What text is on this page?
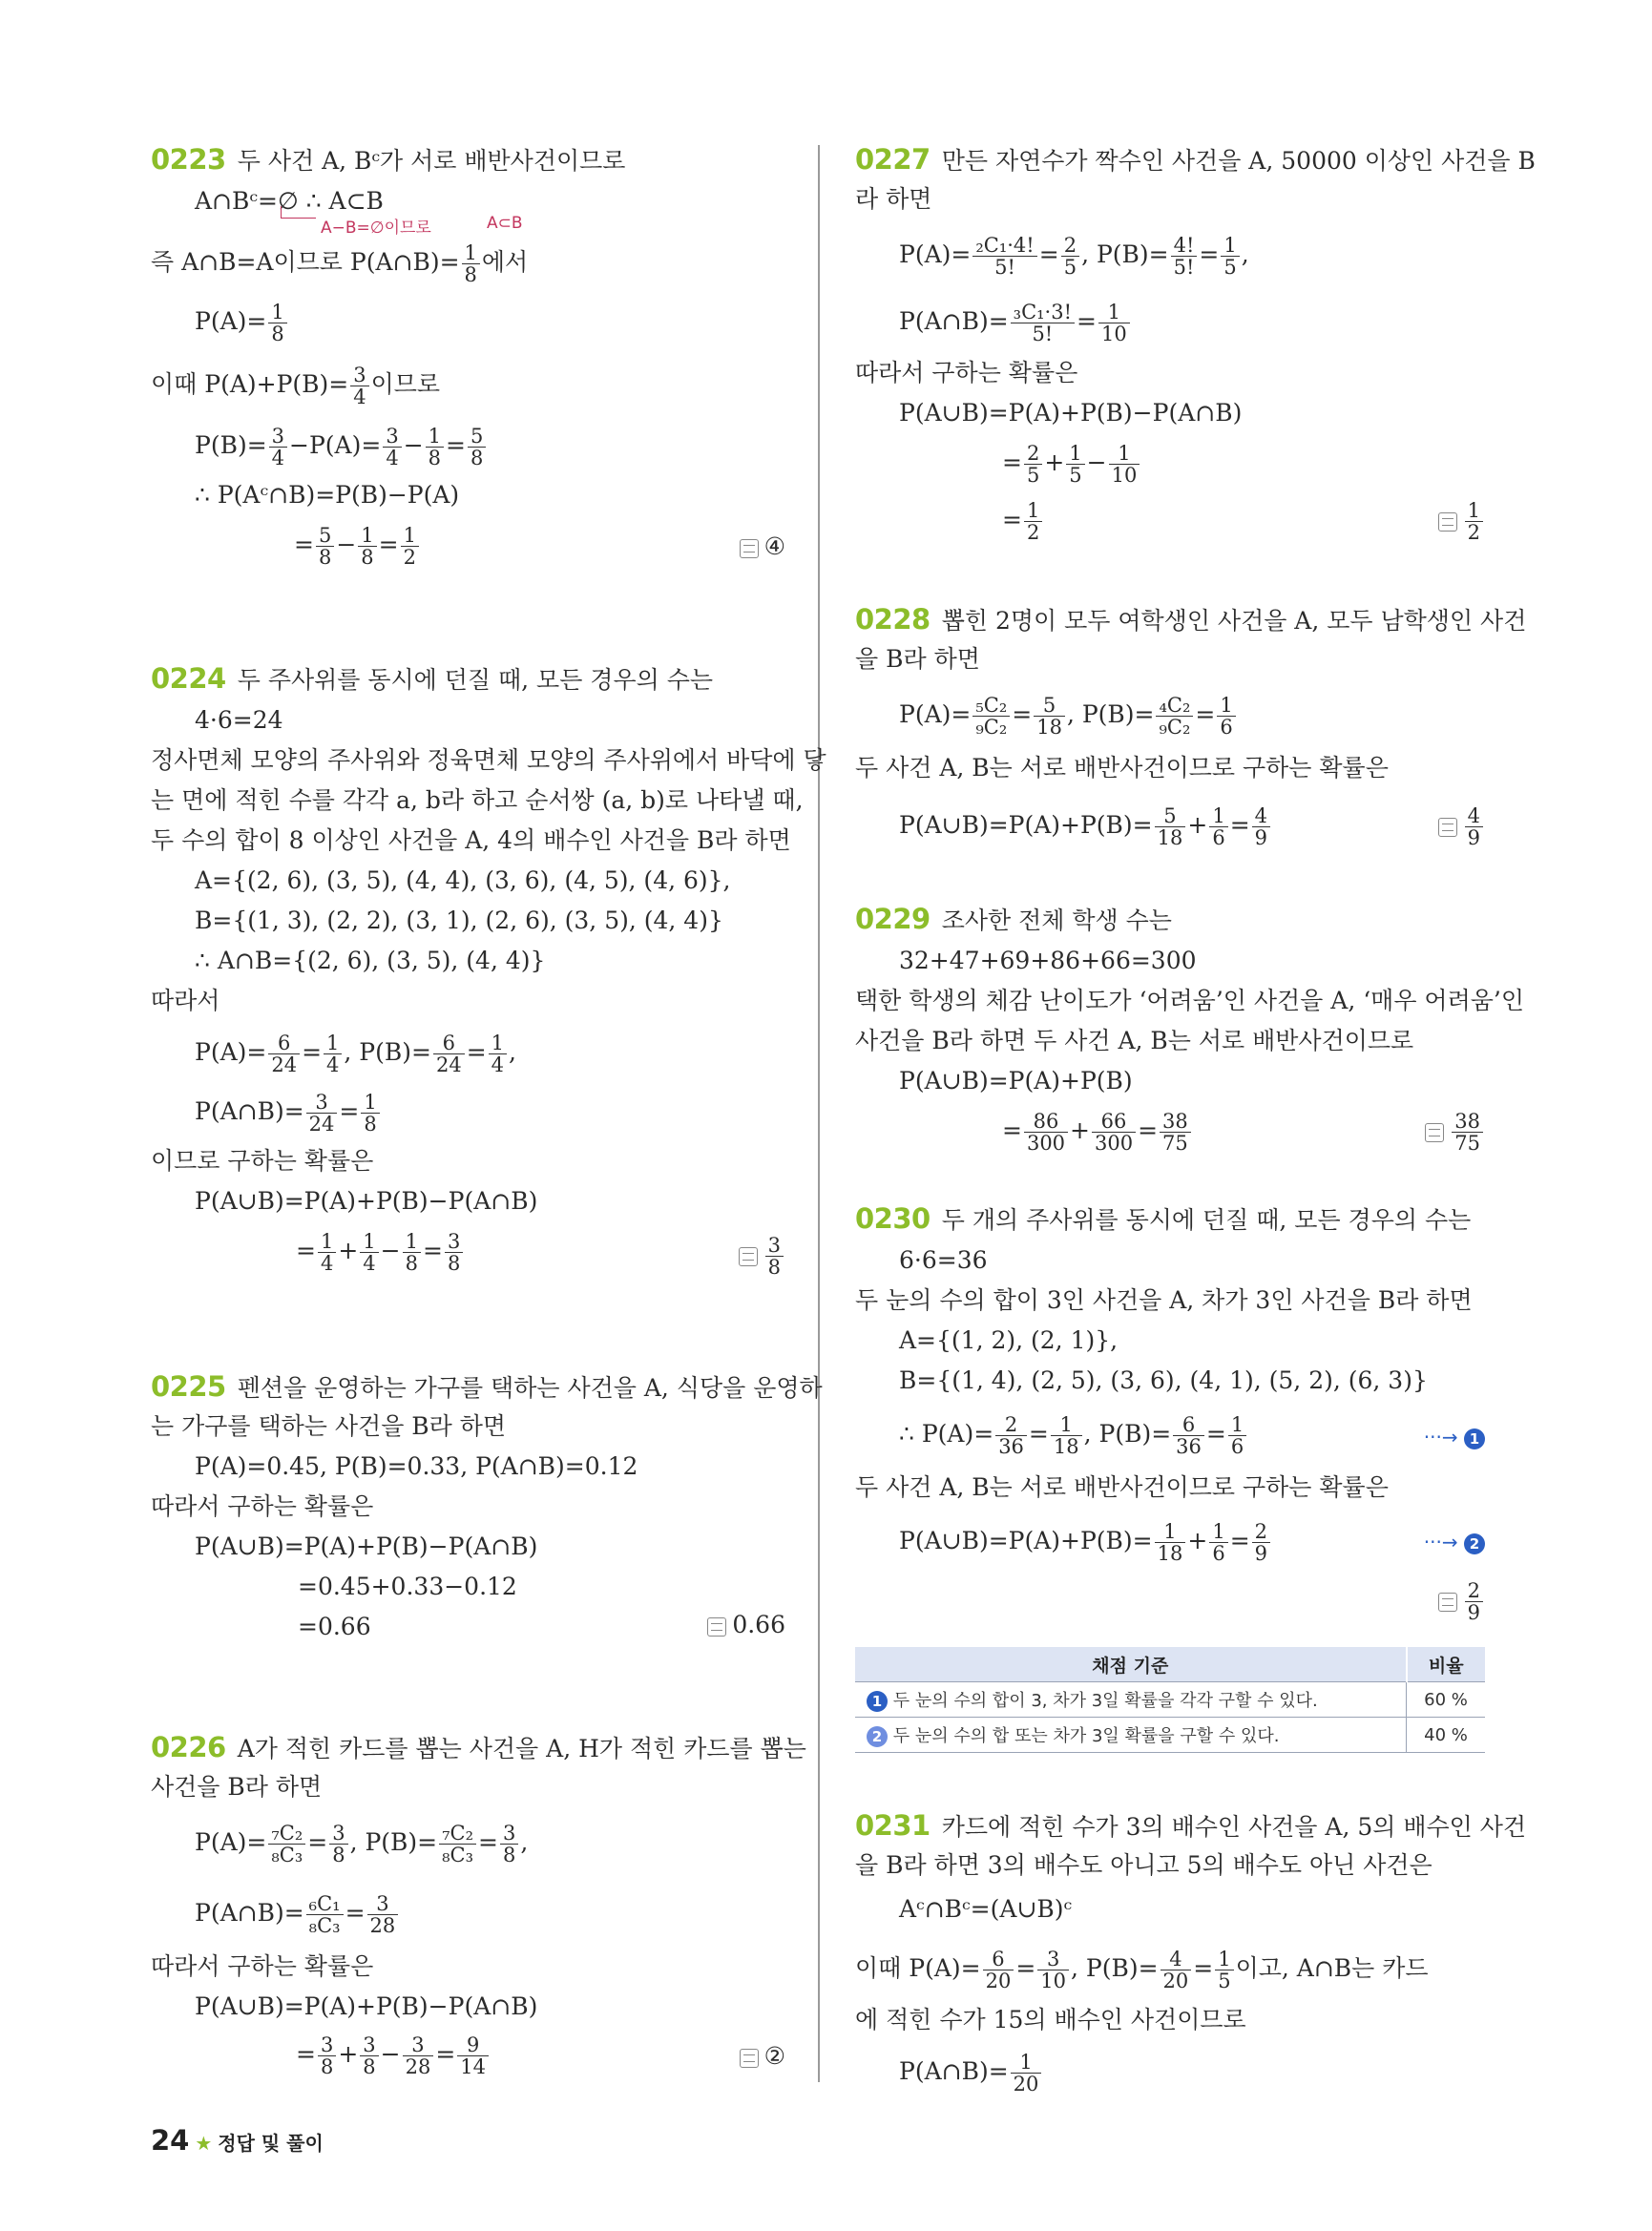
0223 두 사건 A, Bᶜ가 서로 배반사건이므로
A∩Bᶜ=∅ ∴ A⊂B
A−B=∅이므로	A⊂B
즉 A∩B=A이므로 P(A∩B)= $\frac{1}{8}$ 에서
$P(A)= \frac{1}{8}$
이때 $P(A)+P(B)= \frac{3}{4}$ 이므로
$P(B)= \frac{3}{4} -P(A)= \frac{3}{4} - \frac{1}{8} = \frac{5}{8}$
∴ P(Aᶜ∩B)=P(B)−P(A)
= $\frac{5}{8} - \frac{1}{8} = \frac{1}{2}$	④
0224 두 주사위를 동시에 던질 때, 모든 경우의 수는
4·6=24
정사면체 모양의 주사위와 정육면체 모양의 주사위에서 바닥에 닿
는 면에 적힌 수를 각각 a, b라 하고 순서쌍 (a, b)로 나타낼 때,
두 수의 합이 8 이상인 사건을 A, 4의 배수인 사건을 B라 하면
A={(2, 6), (3, 5), (4, 4), (3, 6), (4, 5), (4, 6)},
B={(1, 3), (2, 2), (3, 1), (2, 6), (3, 5), (4, 4)}
∴ A∩B={(2, 6), (3, 5), (4, 4)}
따라서
$P(A)= \frac{6}{24} = \frac{1}{4}$ , $P(B)= \frac{6}{24} = \frac{1}{4}$ ,
P(A∩B)= $\frac{3}{24} = \frac{1}{8}$
이므로 구하는 확률은
P(A∪B)=P(A)+P(B)−P(A∩B)
= $\frac{1}{4} + \frac{1}{4} - \frac{1}{8} = \frac{3}{8}$	$\frac{3}{8}$
0225 펜션을 운영하는 가구를 택하는 사건을 A, 식당을 운영하
는 가구를 택하는 사건을 B라 하면
P(A)=0.45, P(B)=0.33, P(A∩B)=0.12
따라서 구하는 확률은
P(A∪B)=P(A)+P(B)−P(A∩B)
=0.45+0.33−0.12
=0.66	0.66
0226 A가 적힌 카드를 뽑는 사건을 A, H가 적힌 카드를 뽑는
사건을 B라 하면
$P(A)= \frac{\text{₇C₂}}{\text{₈C₃}} = \frac{3}{8}$ , $P(B)= \frac{\text{₇C₂}}{\text{₈C₃}} = \frac{3}{8}$ ,
P(A∩B)= $\frac{\text{₆C₁}}{\text{₈C₃}} = \frac{3}{28}$
따라서 구하는 확률은
P(A∪B)=P(A)+P(B)−P(A∩B)
= $\frac{3}{8} + \frac{3}{8} - \frac{3}{28} = \frac{9}{14}$	②
0227 만든 자연수가 짝수인 사건을 A, 50000 이상인 사건을 B
라 하면
$P(A)= \frac{\text{₂C₁·4!}}{5!} = \frac{2}{5}$ , $P(B)= \frac{4!}{5!} = \frac{1}{5}$ ,
P(A∩B)= $\frac{\text{₃C₁·3!}}{5!} = \frac{1}{10}$
따라서 구하는 확률은
P(A∪B)=P(A)+P(B)−P(A∩B)
= $\frac{2}{5} + \frac{1}{5} - \frac{1}{10}$
= $\frac{1}{2}$	$\frac{1}{2}$
0228 뽑힌 2명이 모두 여학생인 사건을 A, 모두 남학생인 사건
을 B라 하면
$P(A)= \frac{\text{₅C₂}}{\text{₉C₂}} = \frac{5}{18}$ , $P(B)= \frac{\text{₄C₂}}{\text{₉C₂}} = \frac{1}{6}$
두 사건 A, B는 서로 배반사건이므로 구하는 확률은
P(A∪B)=P(A)+P(B)= $\frac{5}{18} + \frac{1}{6} = \frac{4}{9}$	$\frac{4}{9}$
0229 조사한 전체 학생 수는
32+47+69+86+66=300
택한 학생의 체감 난이도가 ‘어려움’인 사건을 A, ‘매우 어려움’인
사건을 B라 하면 두 사건 A, B는 서로 배반사건이므로
P(A∪B)=P(A)+P(B)
= $\frac{86}{300} + \frac{66}{300} = \frac{38}{75}$	$\frac{38}{75}$
0230 두 개의 주사위를 동시에 던질 때, 모든 경우의 수는
6·6=36
두 눈의 수의 합이 3인 사건을 A, 차가 3인 사건을 B라 하면
A={(1, 2), (2, 1)},
B={(1, 4), (2, 5), (3, 6), (4, 1), (5, 2), (6, 3)}
∴ $P(A)= \frac{2}{36} = \frac{1}{18}$ , $P(B)= \frac{6}{36} = \frac{1}{6}$	···→ 1
두 사건 A, B는 서로 배반사건이므로 구하는 확률은
P(A∪B)=P(A)+P(B)= $\frac{1}{18} + \frac{1}{6} = \frac{2}{9}$	···→ 2
$\frac{2}{9}$
채점 기준	비율
1 두 눈의 수의 합이 3, 차가 3일 확률을 각각 구할 수 있다.	60 %
2 두 눈의 수의 합 또는 차가 3일 확률을 구할 수 있다.	40 %
0231 카드에 적힌 수가 3의 배수인 사건을 A, 5의 배수인 사건
을 B라 하면 3의 배수도 아니고 5의 배수도 아닌 사건은
Aᶜ∩Bᶜ=(A∪B)ᶜ
이때 $P(A)= \frac{6}{20} = \frac{3}{10}$ , $P(B)= \frac{4}{20} = \frac{1}{5}$ 이고, A∩B는 카드
에 적힌 수가 15의 배수인 사건이므로
P(A∩B)= $\frac{1}{20}$
24 ★ 정답 및 풀이
